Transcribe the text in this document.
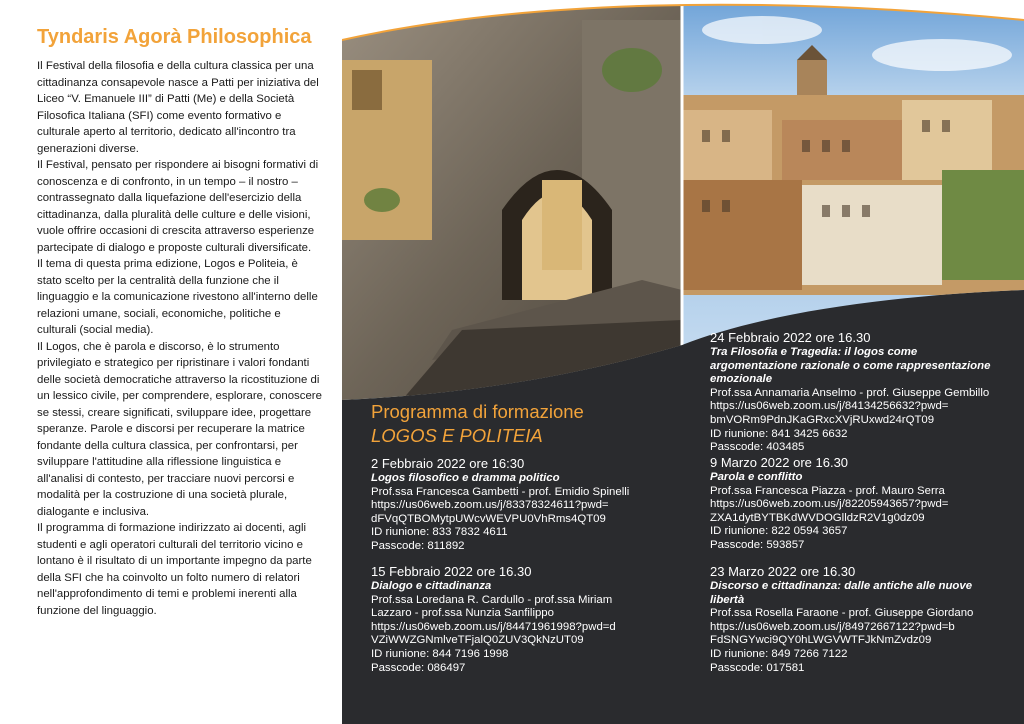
Tyndaris Agorà Philosophica

Il Festival della filosofia e della cultura classica per una cittadinanza consapevole nasce a Patti per iniziativa del Liceo “V. Emanuele III” di Patti (Me) e della Società Filosofica Italiana (SFI) come evento formativo e culturale aperto al territorio, dedicato all'incontro tra generazioni diverse.

Il Festival, pensato per rispondere ai bisogni formativi di conoscenza e di confronto, in un tempo – il nostro – contrassegnato dalla liquefazione dell'esercizio della cittadinanza, dalla pluralità delle culture e delle visioni, vuole offrire occasioni di crescita attraverso esperienze partecipate di dialogo e proposte culturali diversificate.

Il tema di questa prima edizione, Logos e Politeia, è stato scelto per la centralità della funzione che il linguaggio e la comunicazione rivestono all'interno delle relazioni umane, sociali, economiche, politiche e culturali (social media).

Il Logos, che è parola e discorso, è lo strumento privilegiato e strategico per ripristinare i valori fondanti delle società democratiche attraverso la ricostituzione di un lessico civile, per comprendere, esplorare, conoscere se stessi, creare significati, sviluppare idee, progettare speranze. Parole e discorsi per recuperare la matrice fondante della cultura classica, per confrontarsi, per sviluppare l'attitudine alla riflessione linguistica e all'analisi di contesto, per tracciare nuovi percorsi e modalità per la costruzione di una società plurale, dialogante e inclusiva.

Il programma di formazione indirizzato ai docenti, agli studenti e agli operatori culturali del territorio vicino e lontano è il risultato di un importante impegno da parte della SFI che ha coinvolto un folto numero di relatori nell'approfondimento di temi e problemi inerenti alla funzione del linguaggio.

Programma di formazione
LOGOS E POLITEIA
2 Febbraio 2022 ore 16:30
Logos filosofico e dramma politico
Prof.ssa Francesca Gambetti - prof. Emidio Spinelli
https://us06web.zoom.us/j/83378324611?pwd=
dFVqQTBOMytpUWcvWEVPU0VhRms4QT09
ID riunione: 833 7832 4611
Passcode: 811892
15 Febbraio 2022 ore 16.30
Dialogo e cittadinanza
Prof.ssa Loredana R. Cardullo - prof.ssa Miriam
Lazzaro - prof.ssa Nunzia Sanfilippo
https://us06web.zoom.us/j/84471961998?pwd=d
VZiWWZGNmlveTFjalQ0ZUV3QkNzUT09
ID riunione: 844 7196 1998
Passcode: 086497
24 Febbraio 2022 ore 16.30
Tra Filosofia e Tragedia: il logos come argomentazione razionale o come rappresentazione emozionale
Prof.ssa Annamaria Anselmo - prof. Giuseppe Gembillo
https://us06web.zoom.us/j/84134256632?pwd=
bmVORm9PdnJKaGRxcXVjRUxwd24rQT09
ID riunione: 841 3425 6632
Passcode: 403485
9 Marzo 2022 ore 16.30
Parola e conflitto
Prof.ssa Francesca Piazza - prof. Mauro Serra
https://us06web.zoom.us/j/82205943657?pwd=
ZXA1dytBYTBKdWVDOGlldzR2V1g0dz09
ID riunione: 822 0594 3657
Passcode: 593857
23 Marzo 2022 ore 16.30
Discorso e cittadinanza: dalle antiche alle nuove libertà
Prof.ssa Rosella Faraone - prof. Giuseppe Giordano
https://us06web.zoom.us/j/84972667122?pwd=b
FdSNGYwci9QY0hLWGVWTFJkNmZvdz09
ID riunione: 849 7266 7122
Passcode: 017581
